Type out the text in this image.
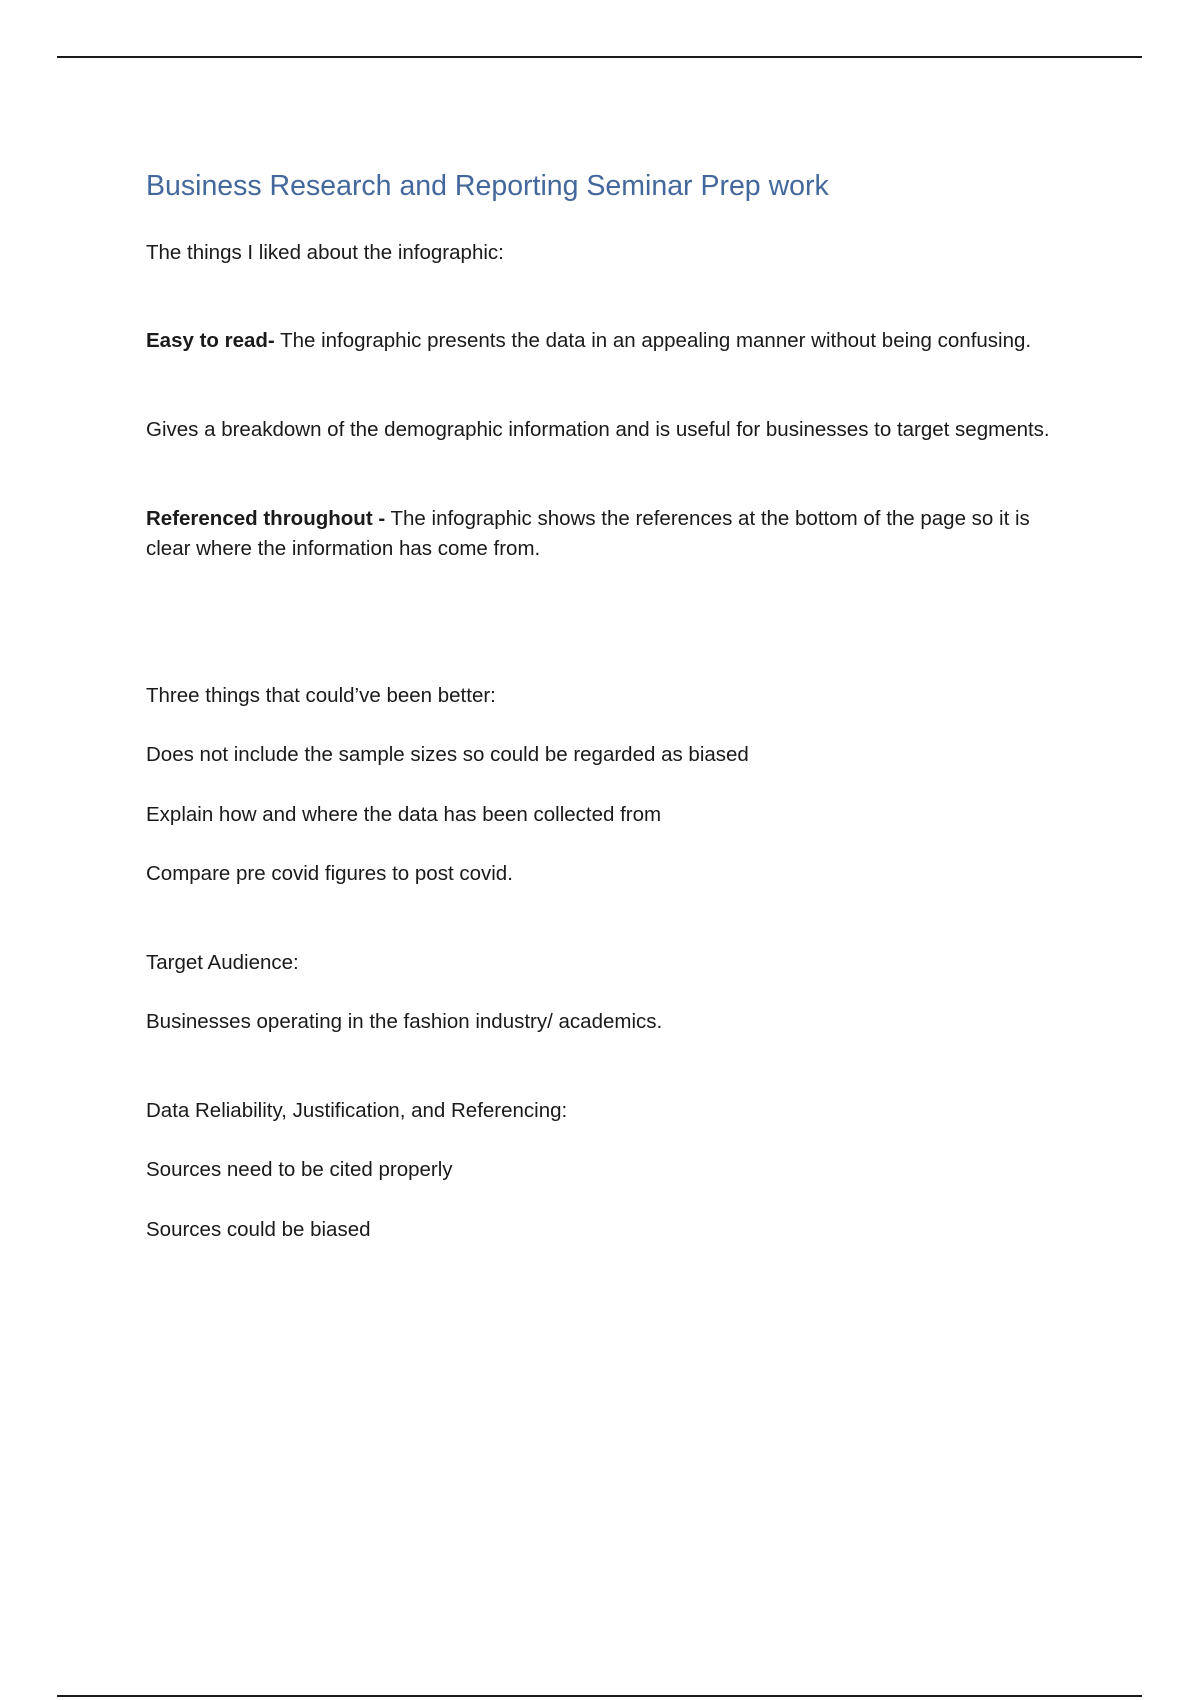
Business Research and Reporting Seminar Prep work

The things I liked about the infographic:

Easy to read- The infographic presents the data in an appealing manner without being confusing.

Gives a breakdown of the demographic information and is useful for businesses to target segments.

Referenced throughout - The infographic shows the references at the bottom of the page so it is clear where the information has come from.

Three things that could’ve been better:

Does not include the sample sizes so could be regarded as biased

Explain how and where the data has been collected from

Compare pre covid figures to post covid.

Target Audience:

Businesses operating in the fashion industry/ academics.

Data Reliability, Justification, and Referencing:

Sources need to be cited properly

Sources could be biased
